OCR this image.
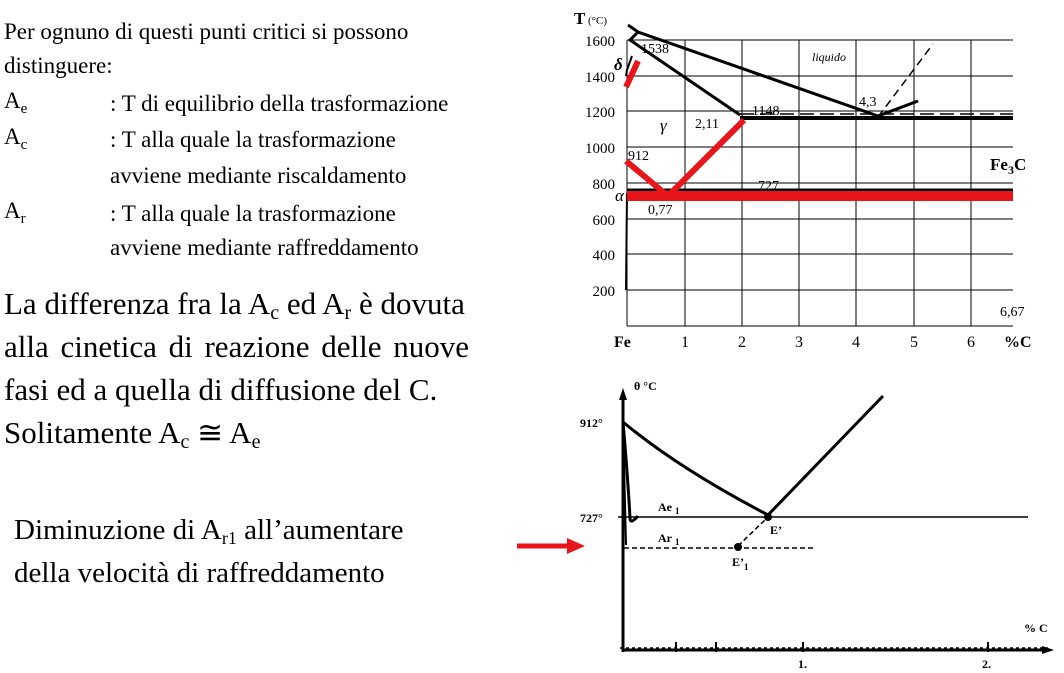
Per ognuno di questi punti critici si possono
distinguere:
$A_e$	: T di equilibrio della trasformazione
$A_c$	: T alla quale la trasformazione
avviene mediante riscaldamento
$A_r$	: T alla quale la trasformazione
avviene mediante raffreddamento
La differenza fra la $A_c$ ed $A_r$ è dovuta
alla cinetica di reazione delle nuove
fasi ed a quella di diffusione del C.
Solitamente $A_c$ ≅ $A_e$
Diminuzione di $A_{r1}$ all’aumentare
della velocità di raffreddamento
1600
1400
1200
1000
800
600
400
200
T (°C)
Fe	1	2	3	4	5	6 %C
liquido
δ
1538
γ 2,11
1148
4,3
912
727
α
0,77
$Fe_3C$
6,67
θ °C
912°
727°
Ae $_1$
Ar $_1$
E’
$E’_1$
% C
1.	2.
